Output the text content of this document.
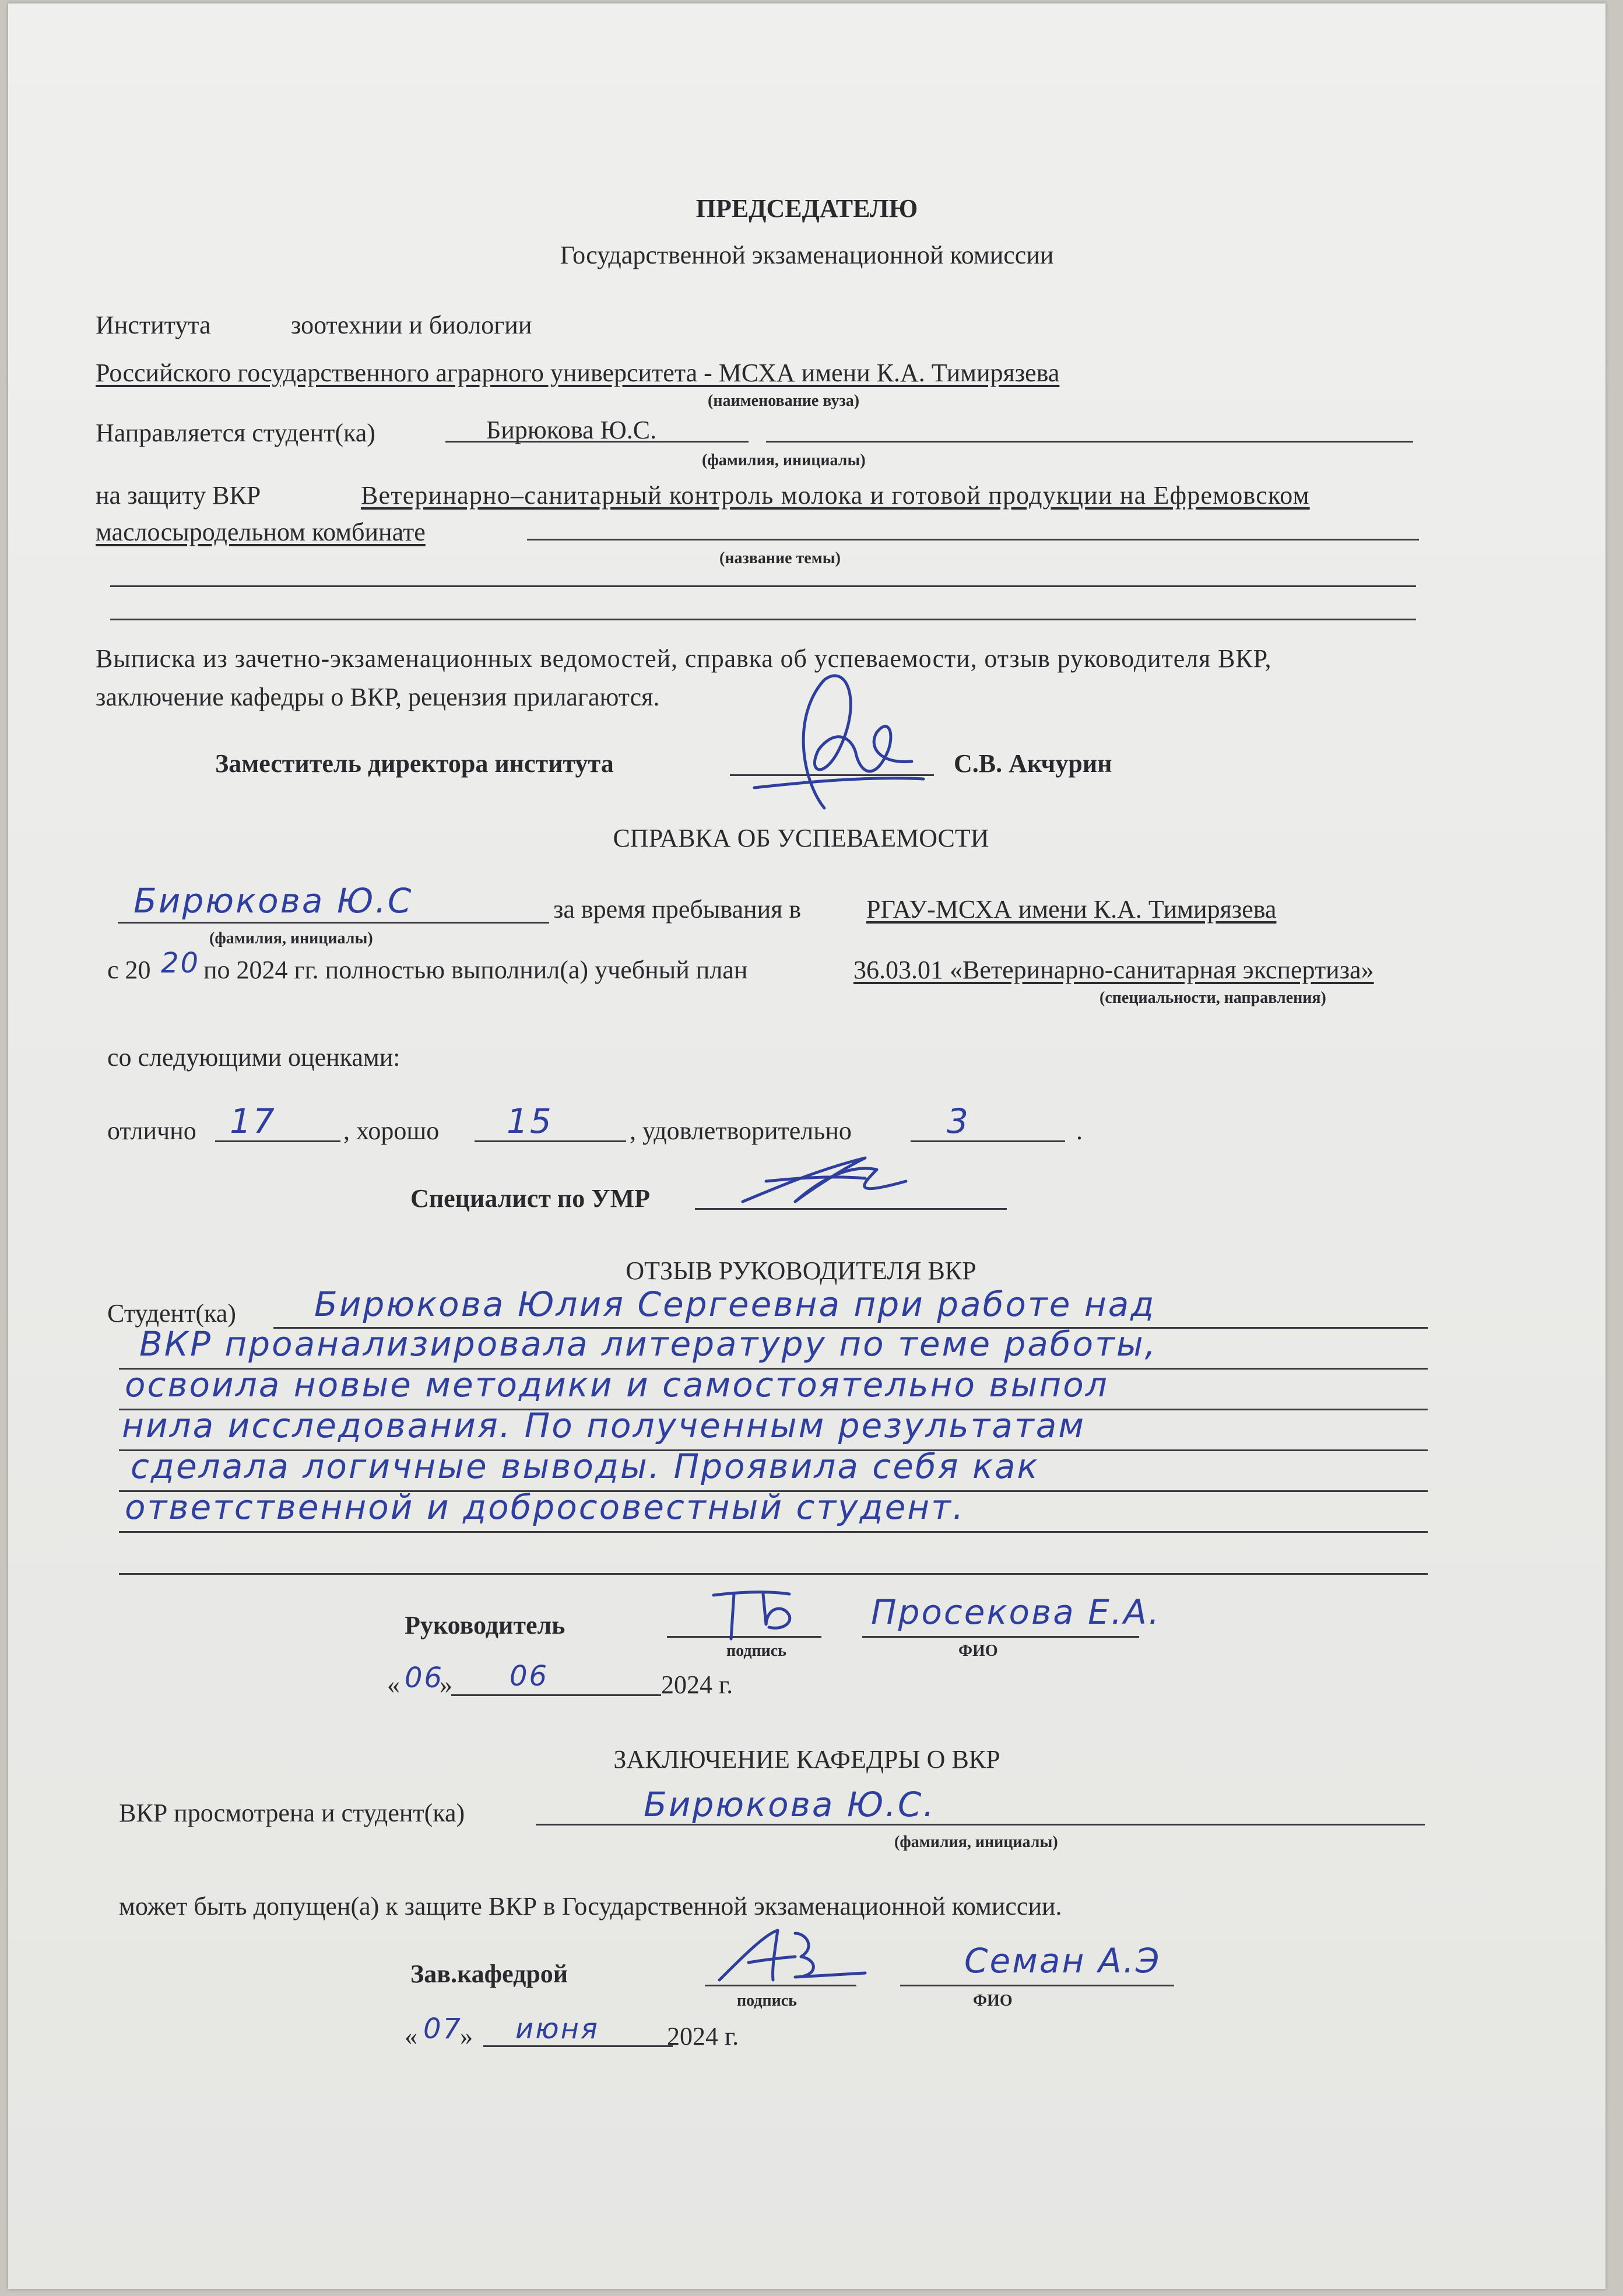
ПРЕДСЕДАТЕЛЮ
Государственной экзаменационной комиссии
Института	зоотехнии и биологии
Российского государственного аграрного университета - МСХА имени К.А. Тимирязева
(наименование вуза)
Направляется студент(ка)	Бирюкова Ю.С.
(фамилия, инициалы)
на защиту ВКР	Ветеринарно–санитарный контроль молока и готовой продукции на Ефремовском
маслосыродельном комбинате
(название темы)
Выписка из зачетно-экзаменационных ведомостей, справка об успеваемости, отзыв руководителя ВКР,
заключение кафедры о ВКР, рецензия прилагаются.
Заместитель директора института	С.В. Акчурин
СПРАВКА ОБ УСПЕВАЕМОСТИ
Бирюкова Ю.С
(фамилия, инициалы)
за время пребывания в	РГАУ-МСХА имени К.А. Тимирязева
с 20 20 по 2024 гг. полностью выполнил(а) учебный план	36.03.01 «Ветеринарно-санитарная экспертиза»
(специальности, направления)
со следующими оценками:
отлично 17	, хорошо 15	, удовлетворительно	3	.
Специалист по УМР
ОТЗЫВ РУКОВОДИТЕЛЯ ВКР
Студент(ка) Бирюкова Юлия Сергеевна при работе над
ВКР проанализировала литературу по теме работы,
освоила новые методики и самостоятельно выпол
нила исследования. По полученным результатам
сделала логичные выводы. Проявила себя как
ответственной и добросовестный студент.
Руководитель	Просекова Е.А.
подпись	ФИО
« 06
» 06	2024 г.
ЗАКЛЮЧЕНИЕ КАФЕДРЫ О ВКР
ВКР просмотрена и студент(ка)	Бирюкова Ю.С.
(фамилия, инициалы)
может быть допущен(а) к защите ВКР в Государственной экзаменационной комиссии.
Зав.кафедрой	Семан А.Э
подпись	ФИО
« 07
» июня	2024 г.
